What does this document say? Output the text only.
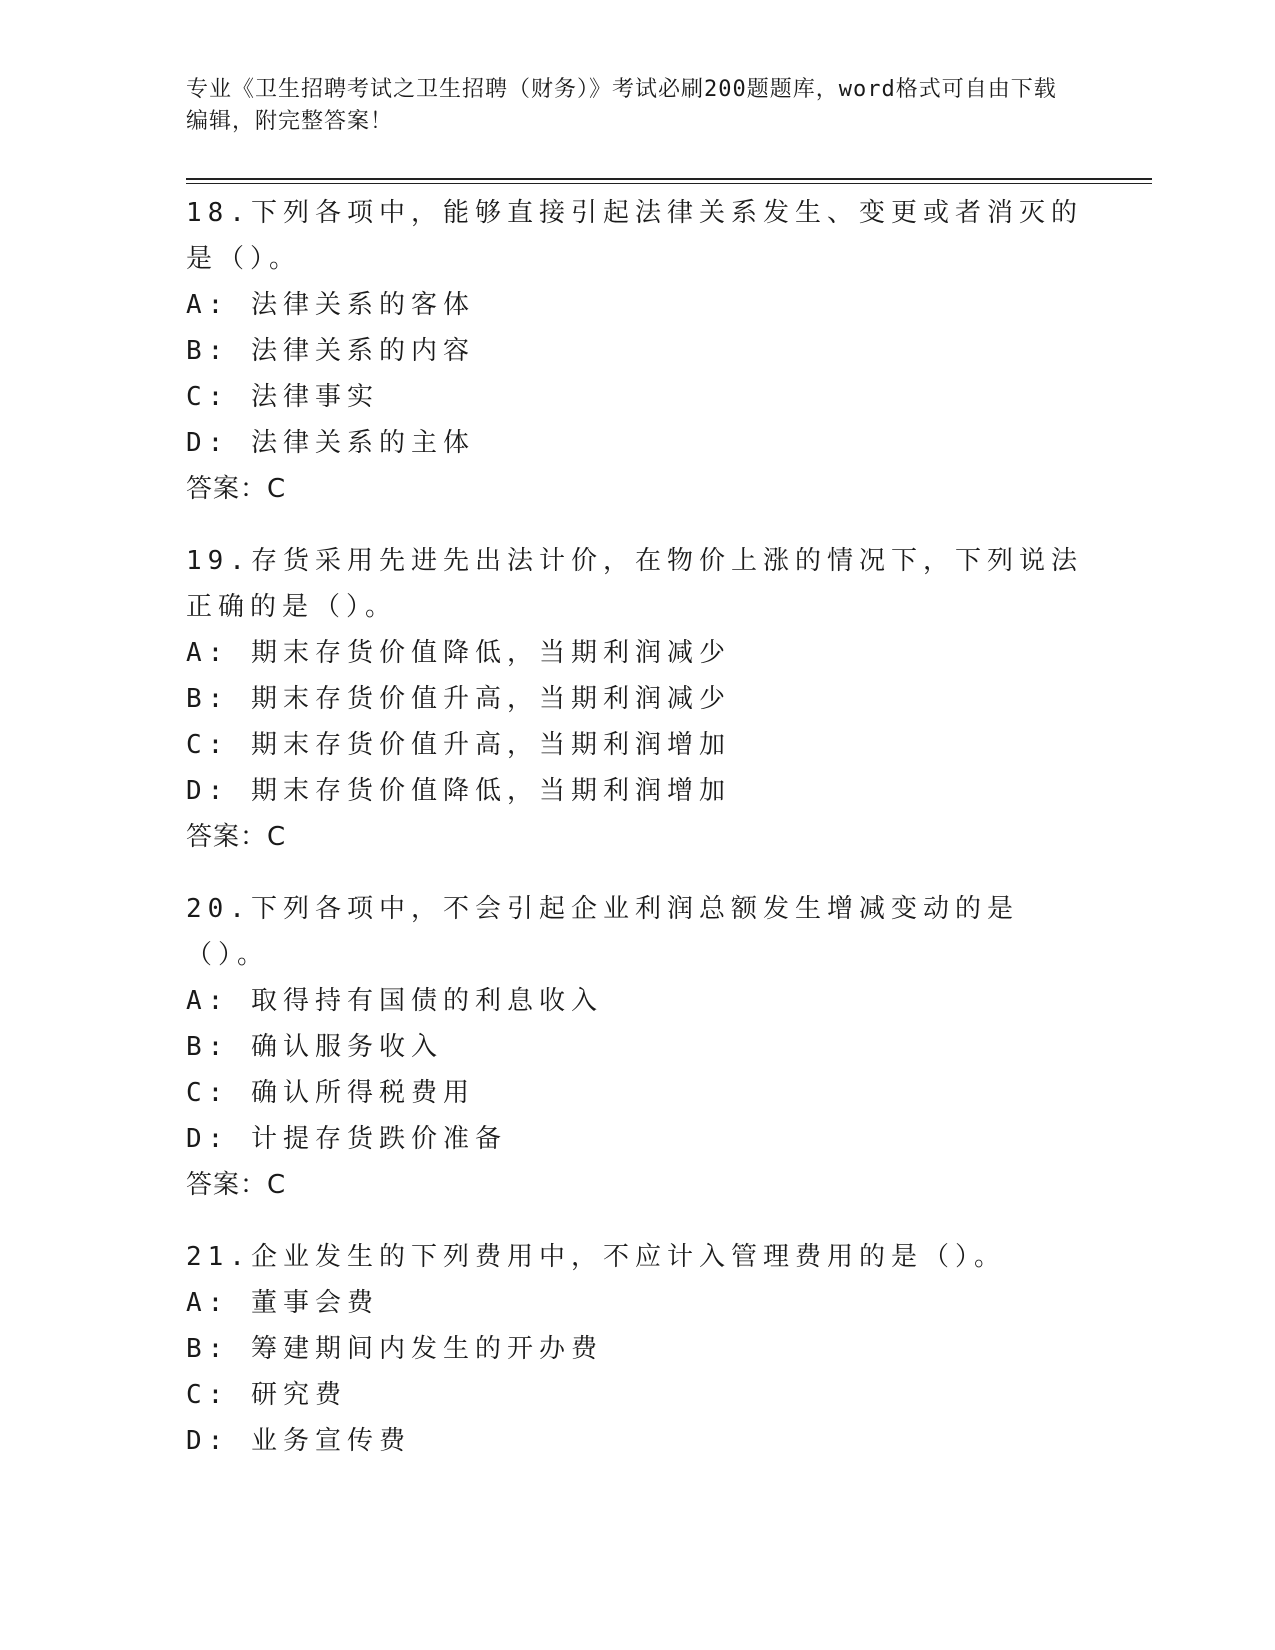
专业《卫生招聘考试之卫生招聘（财务）》考试必刷200题题库，word格式可自由下载编辑，附完整答案！
18.下列各项中，能够直接引起法律关系发生、变更或者消灭的是（）。
A: 法律关系的客体
B: 法律关系的内容
C: 法律事实
D: 法律关系的主体
答案：C
19.存货采用先进先出法计价，在物价上涨的情况下，下列说法正确的是（）。
A: 期末存货价值降低，当期利润减少
B: 期末存货价值升高，当期利润减少
C: 期末存货价值升高，当期利润增加
D: 期末存货价值降低，当期利润增加
答案：C
20.下列各项中，不会引起企业利润总额发生增减变动的是（）。
A: 取得持有国债的利息收入
B: 确认服务收入
C: 确认所得税费用
D: 计提存货跌价准备
答案：C
21.企业发生的下列费用中，不应计入管理费用的是（）。
A: 董事会费
B: 筹建期间内发生的开办费
C: 研究费
D: 业务宣传费
